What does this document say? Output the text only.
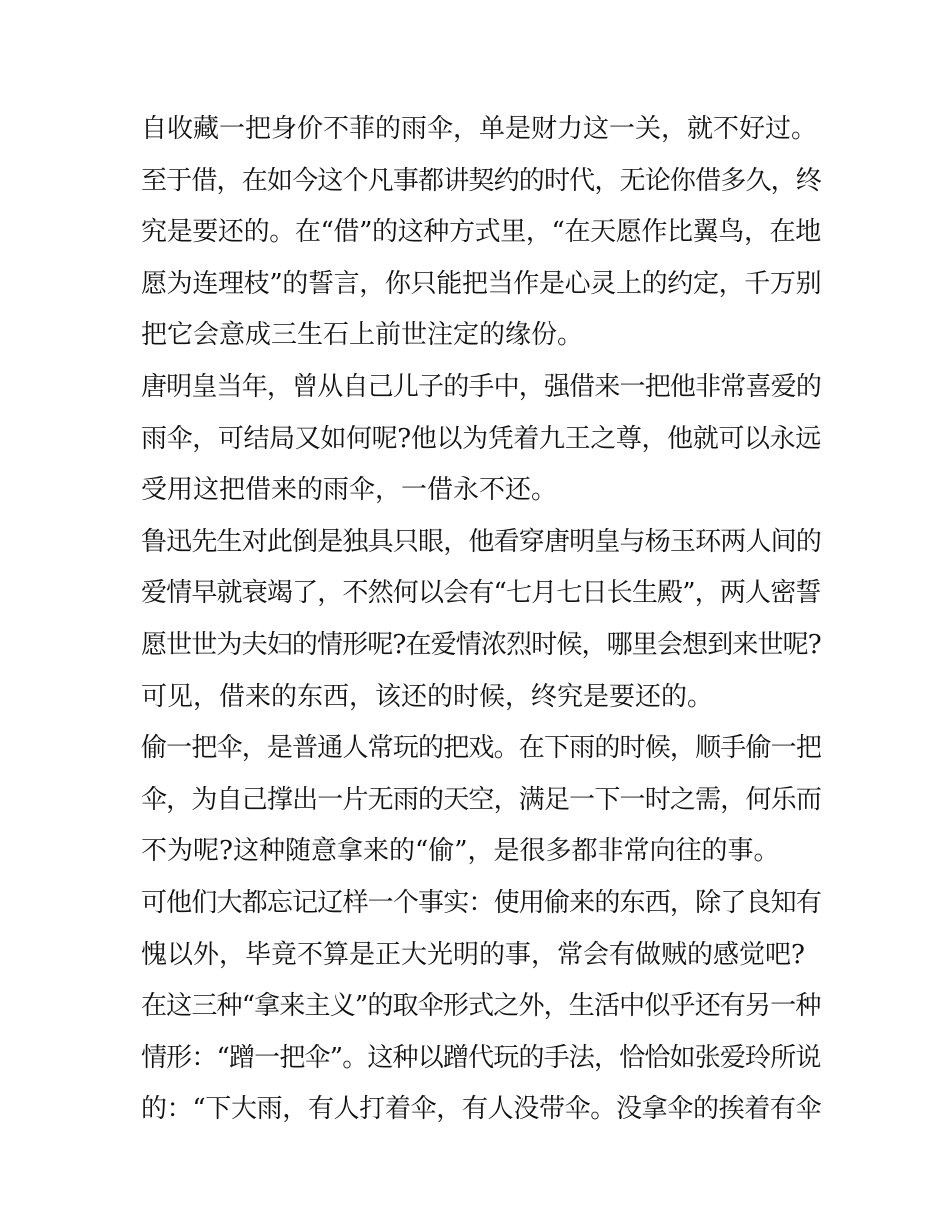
自收藏一把身价不菲的雨伞，单是财力这一关，就不好过。
至于借，在如今这个凡事都讲契约的时代，无论你借多久，终
究是要还的。在“借”的这种方式里，“在天愿作比翼鸟，在地
愿为连理枝”的誓言，你只能把当作是心灵上的约定，千万别
把它会意成三生石上前世注定的缘份。
唐明皇当年，曾从自己儿子的手中，强借来一把他非常喜爱的
雨伞，可结局又如何呢?他以为凭着九王之尊，他就可以永远
受用这把借来的雨伞，一借永不还。
鲁迅先生对此倒是独具只眼，他看穿唐明皇与杨玉环两人间的
爱情早就衰竭了，不然何以会有“七月七日长生殿”，两人密誓
愿世世为夫妇的情形呢?在爱情浓烈时候，哪里会想到来世呢?
可见，借来的东西，该还的时候，终究是要还的。
偷一把伞，是普通人常玩的把戏。在下雨的时候，顺手偷一把
伞，为自己撑出一片无雨的天空，满足一下一时之需，何乐而
不为呢?这种随意拿来的“偷”，是很多都非常向往的事。
可他们大都忘记辽样一个事实：使用偷来的东西，除了良知有
愧以外，毕竟不算是正大光明的事，常会有做贼的感觉吧?
在这三种“拿来主义”的取伞形式之外，生活中似乎还有另一种
情形：“蹭一把伞”。这种以蹭代玩的手法，恰恰如张爱玲所说
的：“下大雨，有人打着伞，有人没带伞。没拿伞的挨着有伞
